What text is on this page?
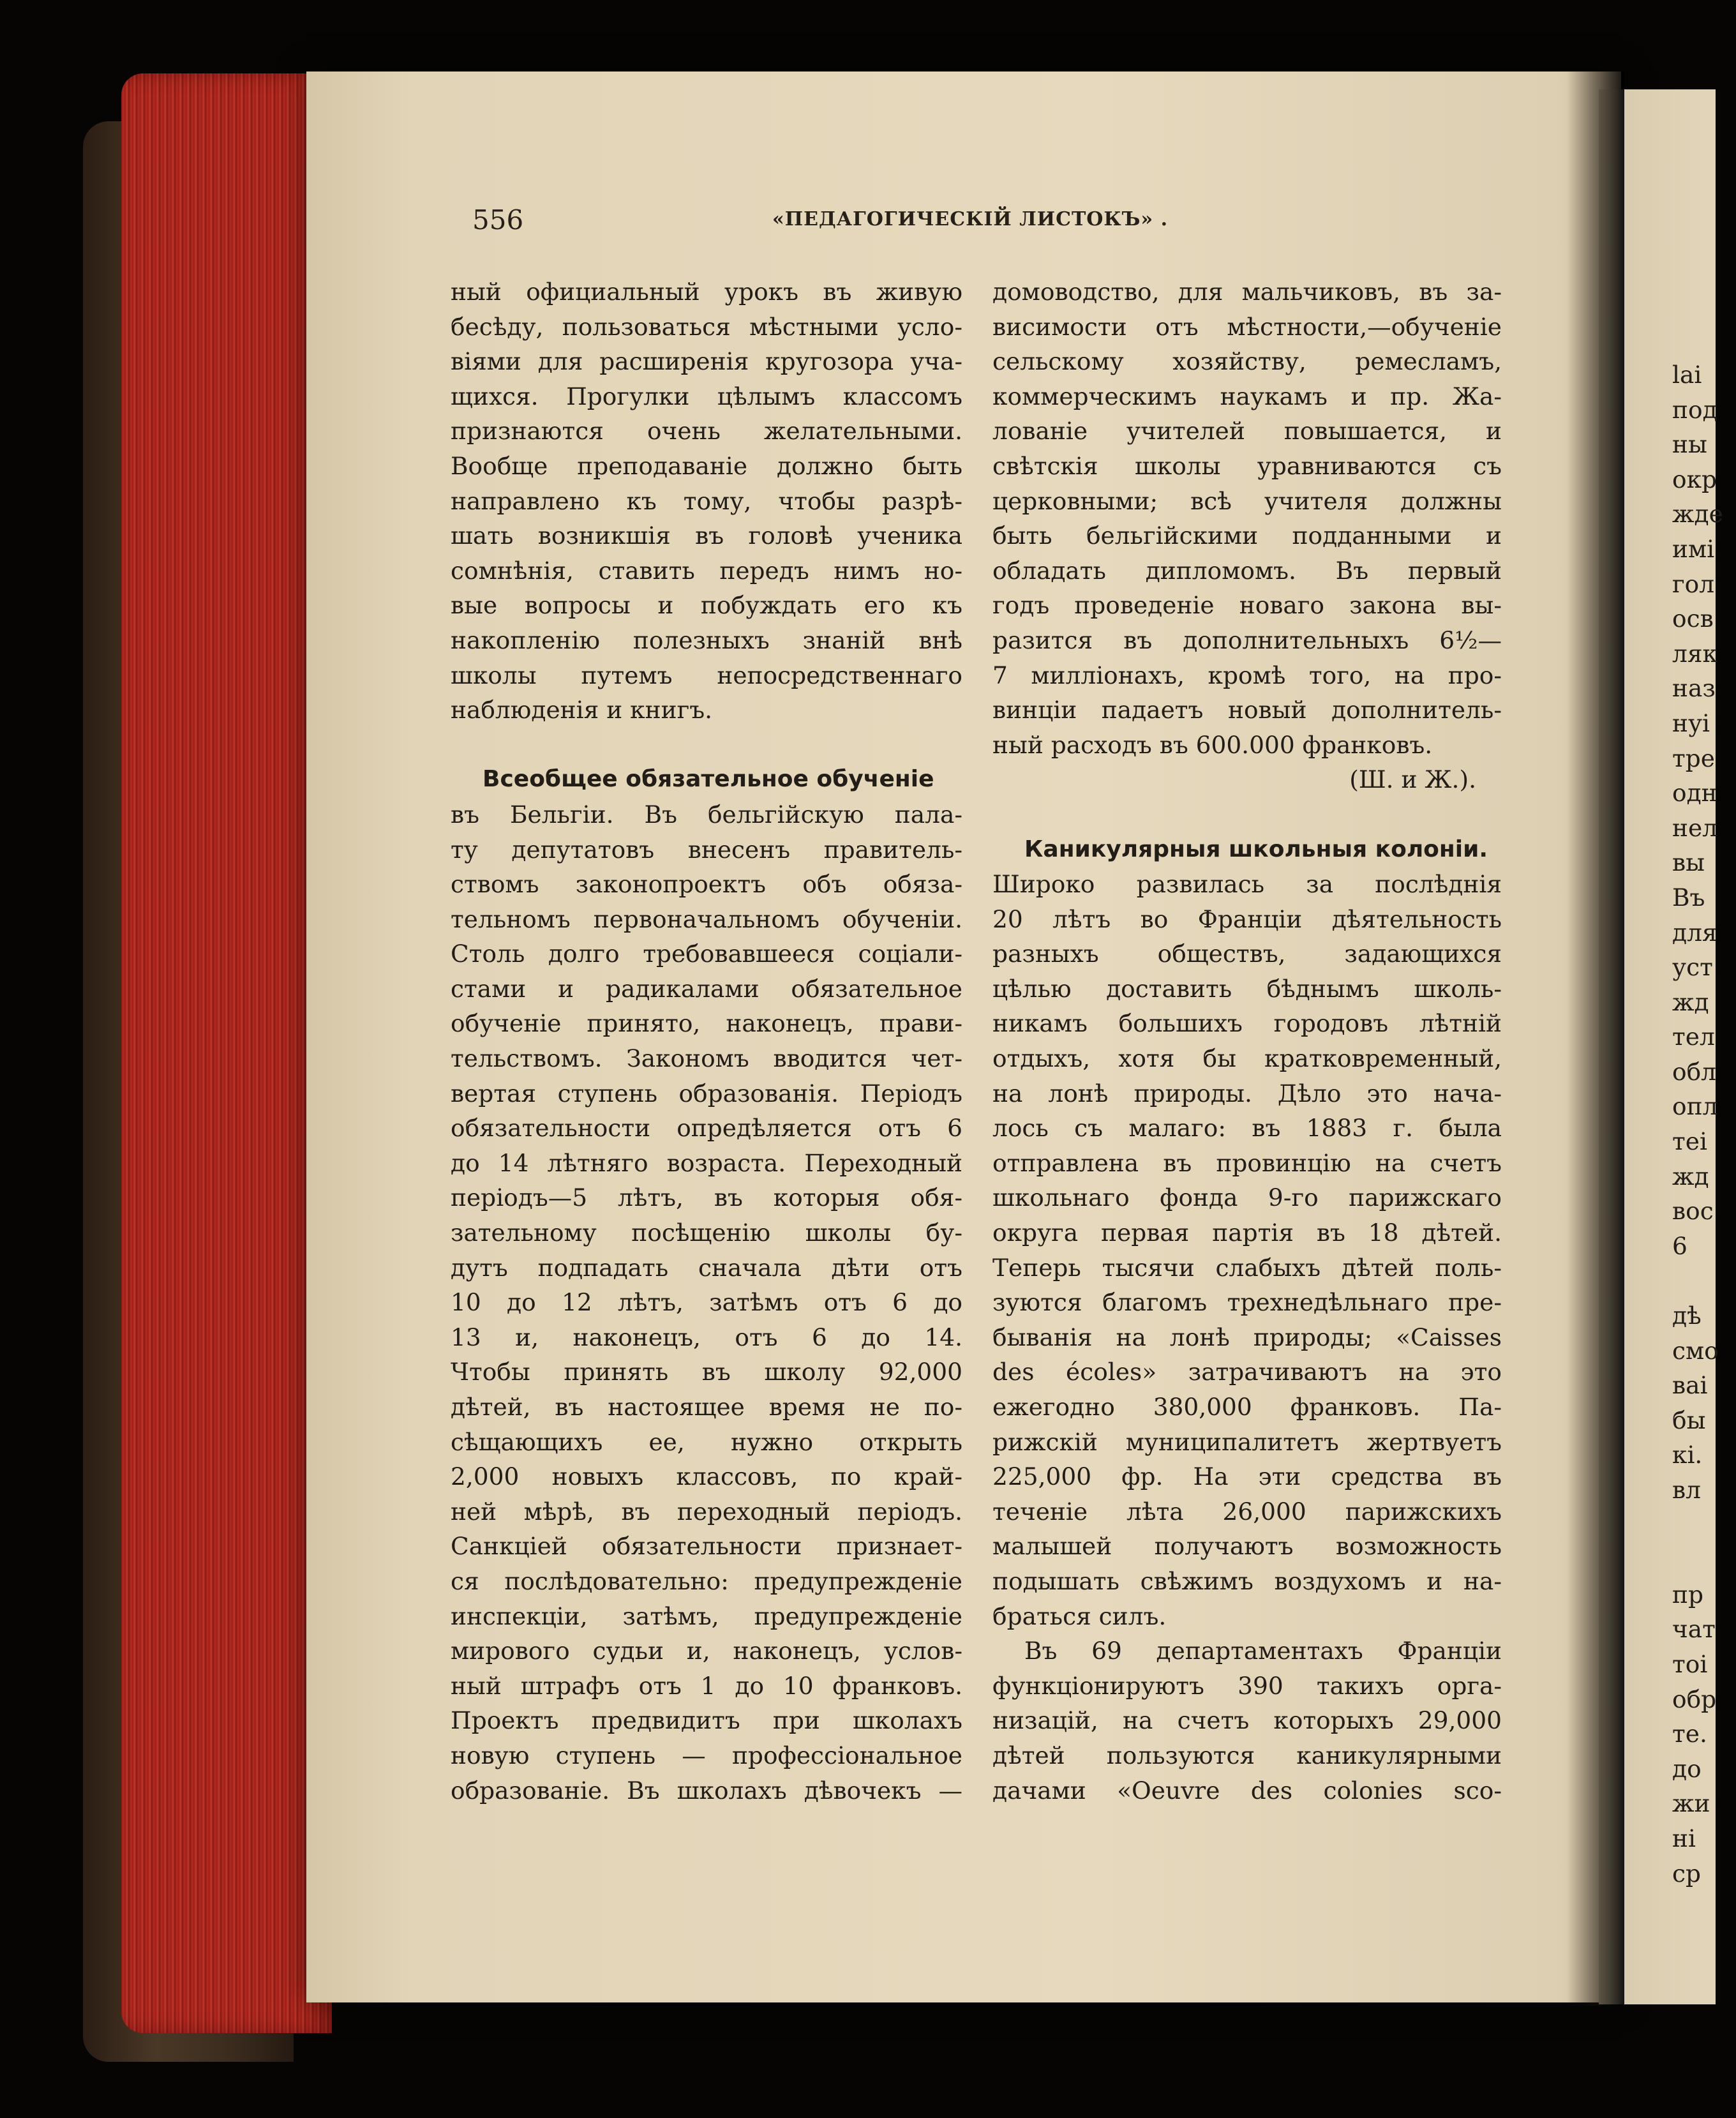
lai
под
ны
окр
жде
имі
гол
осв
ляк
наз
нуі
тре
одн
нел
вы
Въ
для
уст
жд
тел
обл
опл
теі
жд
вос
6
дѣ
смо
ваі
бы
кі.
вл
пр
чат
тоі
обр
те.
до
жи
ні
ср
556	«ПЕДАГОГИЧЕСКІЙ ЛИСТОКЪ» .
ный официальный урокъ въ живую
бесѣду, пользоваться мѣстными усло-
віями для расширенія кругозора уча-
щихся. Прогулки цѣлымъ классомъ
признаются очень желательными.
Вообще преподаваніе должно быть
направлено къ тому, чтобы разрѣ-
шать возникшія въ головѣ ученика
сомнѣнія, ставить передъ нимъ но-
вые вопросы и побуждать его къ
накопленію полезныхъ знаній внѣ
школы путемъ непосредственнаго
наблюденія и книгъ.
Всеобщее обязательное обученіе
въ Бельгіи. Въ бельгійскую пала-
ту депутатовъ внесенъ правитель-
ствомъ законопроектъ объ обяза-
тельномъ первоначальномъ обученіи.
Столь долго требовавшееся соціали-
стами и радикалами обязательное
обученіе принято, наконецъ, прави-
тельствомъ. Закономъ вводится чет-
вертая ступень образованія. Періодъ
обязательности опредѣляется отъ 6
до 14 лѣтняго возраста. Переходный
періодъ—5 лѣтъ, въ которыя обя-
зательному посѣщенію школы бу-
дутъ подпадать сначала дѣти отъ
10 до 12 лѣтъ, затѣмъ отъ 6 до
13 и, наконецъ, отъ 6 до 14.
Чтобы принять въ школу 92,000
дѣтей, въ настоящее время не по-
сѣщающихъ ее, нужно открыть
2,000 новыхъ классовъ, по край-
ней мѣрѣ, въ переходный періодъ.
Санкціей обязательности признает-
ся послѣдовательно: предупрежденіе
инспекціи, затѣмъ, предупрежденіе
мирового судьи и, наконецъ, услов-
ный штрафъ отъ 1 до 10 франковъ.
Проектъ предвидитъ при школахъ
новую ступень — профессіональное
образованіе. Въ школахъ дѣвочекъ —
домоводство, для мальчиковъ, въ за-
висимости отъ мѣстности,—обученіе
сельскому хозяйству, ремесламъ,
коммерческимъ наукамъ и пр. Жа-
лованіе учителей повышается, и
свѣтскія школы уравниваются съ
церковными; всѣ учителя должны
быть бельгійскими подданными и
обладать дипломомъ. Въ первый
годъ проведеніе новаго закона вы-
разится въ дополнительныхъ 6½—
7 милліонахъ, кромѣ того, на про-
винціи падаетъ новый дополнитель-
ный расходъ въ 600.000 франковъ.
(Ш. и Ж.).
Каникулярныя школьныя колоніи.
Широко развилась за послѣднія
20 лѣтъ во Франціи дѣятельность
разныхъ обществъ, задающихся
цѣлью доставить бѣднымъ школь-
никамъ большихъ городовъ лѣтній
отдыхъ, хотя бы кратковременный,
на лонѣ природы. Дѣло это нача-
лось съ малаго: въ 1883 г. была
отправлена въ провинцію на счетъ
школьнаго фонда 9-го парижскаго
округа первая партія въ 18 дѣтей.
Теперь тысячи слабыхъ дѣтей поль-
зуются благомъ трехнедѣльнаго пре-
быванія на лонѣ природы; «Caisses
des écoles» затрачиваютъ на это
ежегодно 380,000 франковъ. Па-
рижскій муниципалитетъ жертвуетъ
225,000 фр. На эти средства въ
теченіе лѣта 26,000 парижскихъ
малышей получаютъ возможность
подышать свѣжимъ воздухомъ и на-
браться силъ.
Въ 69 департаментахъ Франціи
функціонируютъ 390 такихъ орга-
низацій, на счетъ которыхъ 29,000
дѣтей пользуются каникулярными
дачами «Oeuvre des colonies sco-
